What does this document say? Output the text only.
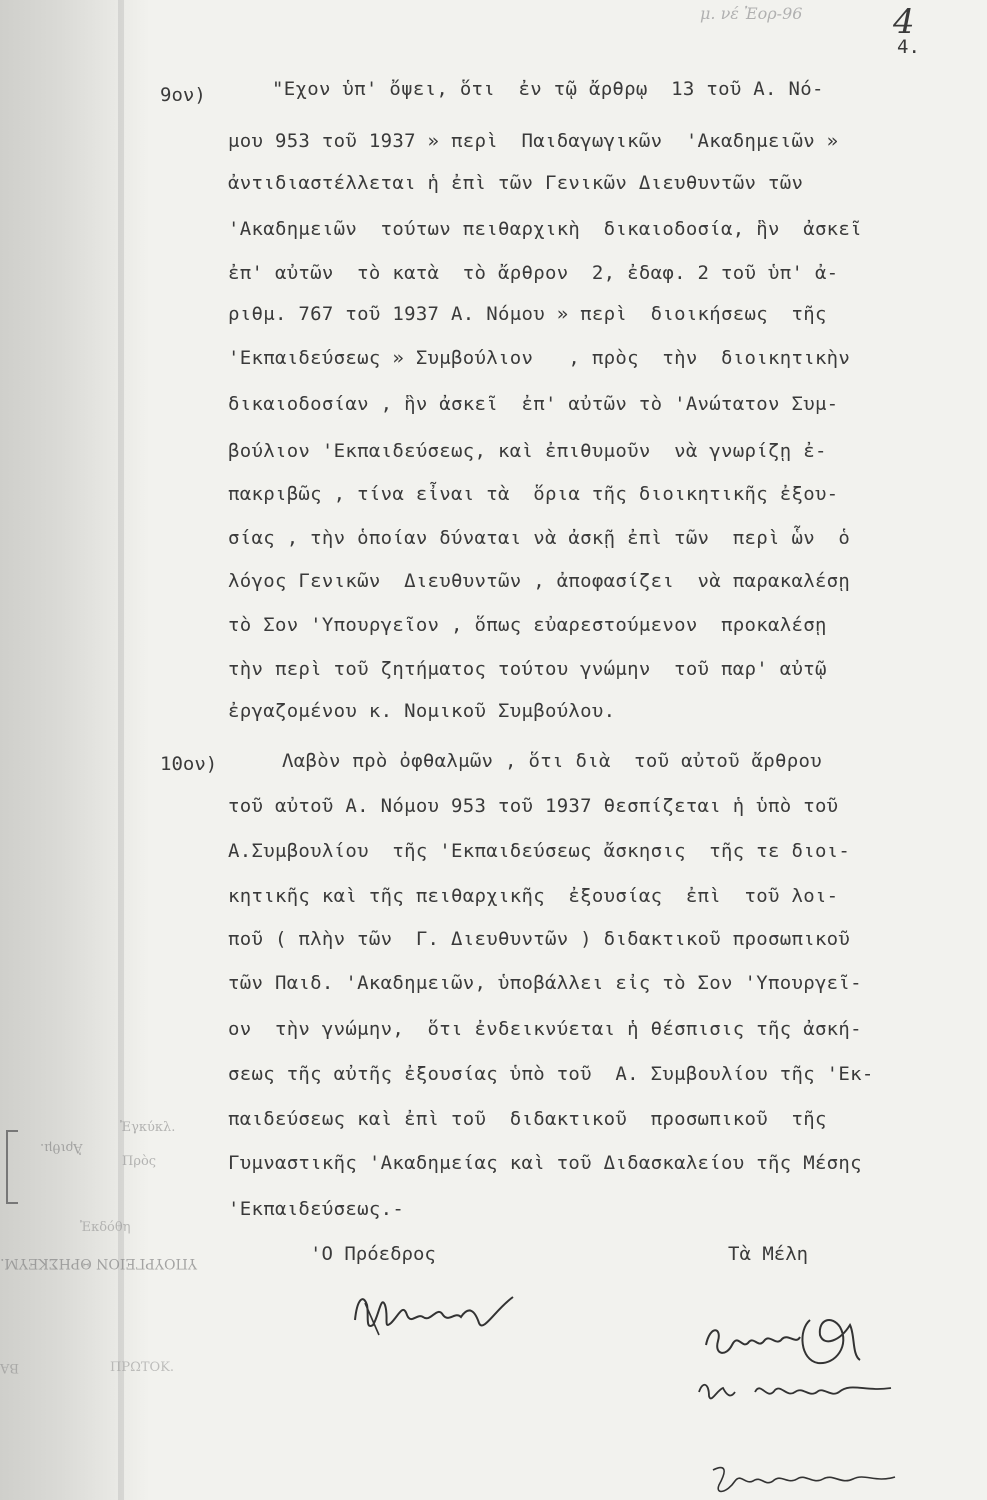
μ. νέ Ἐορ-96	4
4.
Ἀριθμ.
Ἐγκύκλ.
Πρὸς
Ἐκδόθη
ΥΠΟΥΡΓΕΙΟΝ ΘΡΗΣΚΕΥΜ.
ΠΡΩΤΟΚ.
ΒΑ
9ον)	"Εχον ὑπ' ὄψει, ὅτι  ἐν τῷ ἄρθρῳ  13 τοῦ Α. Νό-
μου 953 τοῦ 1937 » περὶ  Παιδαγωγικῶν  'Ακαδημειῶν »
ἀντιδιαστέλλεται ἡ ἐπὶ τῶν Γενικῶν Διευθυντῶν τῶν
'Ακαδημειῶν  τούτων πειθαρχικὴ  δικαιοδοσία, ἣν  ἀσκεῖ
ἐπ' αὐτῶν  τὸ κατὰ  τὸ ἄρθρον  2, ἐδαφ. 2 τοῦ ὑπ' ἀ-
ριθμ. 767 τοῦ 1937 Α. Νόμου » περὶ  διοικήσεως  τῆς
'Εκπαιδεύσεως » Συμβούλιον   , πρὸς  τὴν  διοικητικὴν
δικαιοδοσίαν , ἣν ἀσκεῖ  ἐπ' αὐτῶν τὸ 'Ανώτατον Συμ-
βούλιον 'Εκπαιδεύσεως, καὶ ἐπιθυμοῦν  νὰ γνωρίζῃ ἐ-
πακριβῶς , τίνα εἶναι τὰ  ὅρια τῆς διοικητικῆς ἐξου-
σίας , τὴν ὁποίαν δύναται νὰ ἀσκῇ ἐπὶ τῶν  περὶ ὧν  ὁ
λόγος Γενικῶν  Διευθυντῶν , ἀποφασίζει  νὰ παρακαλέσῃ
τὸ Σον 'Υπουργεῖον , ὅπως εὐαρεστούμενον  προκαλέσῃ
τὴν περὶ τοῦ ζητήματος τούτου γνώμην  τοῦ παρ' αὐτῷ
ἐργαζομένου κ. Νομικοῦ Συμβούλου.
10ον)	Λαβὸν πρὸ ὀφθαλμῶν , ὅτι διὰ  τοῦ αὐτοῦ ἄρθρου
τοῦ αὐτοῦ Α. Νόμου 953 τοῦ 1937 θεσπίζεται ἡ ὑπὸ τοῦ
Α.Συμβουλίου  τῆς 'Εκπαιδεύσεως ἄσκησις  τῆς τε διοι-
κητικῆς καὶ τῆς πειθαρχικῆς  ἐξουσίας  ἐπὶ  τοῦ λοι-
ποῦ ( πλὴν τῶν  Γ. Διευθυντῶν ) διδακτικοῦ προσωπικοῦ
τῶν Παιδ. 'Ακαδημειῶν, ὑποβάλλει εἰς τὸ Σον 'Υπουργεῖ-
ον  τὴν γνώμην,  ὅτι ἐνδεικνύεται ἡ θέσπισις τῆς ἀσκή-
σεως τῆς αὐτῆς ἐξουσίας ὑπὸ τοῦ  Α. Συμβουλίου τῆς 'Εκ-
παιδεύσεως καὶ ἐπὶ τοῦ  διδακτικοῦ  προσωπικοῦ  τῆς
Γυμναστικῆς 'Ακαδημείας καὶ τοῦ Διδασκαλείου τῆς Μέσης
'Εκπαιδεύσεως.-
'Ο Πρόεδρος	Τὰ Μέλη
